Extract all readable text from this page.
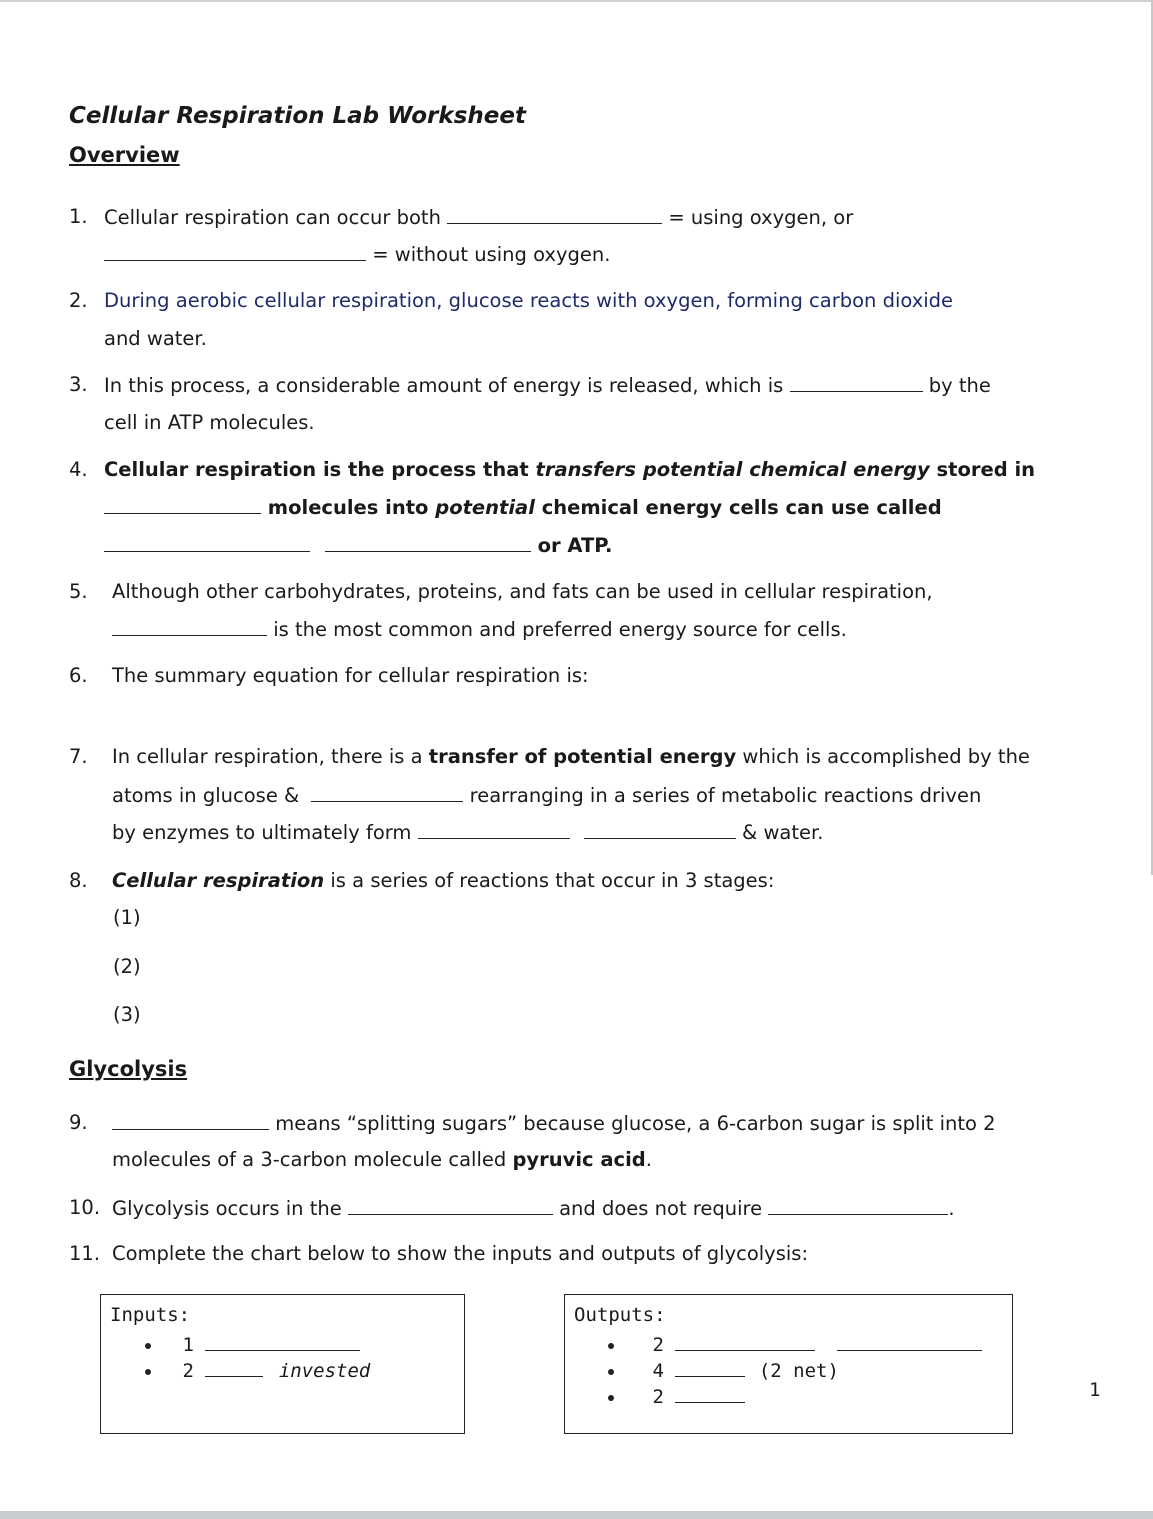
Cellular Respiration Lab Worksheet
Overview
1. Cellular respiration can occur both	= using oxygen, or
= without using oxygen.
2. During aerobic cellular respiration, glucose reacts with oxygen, forming carbon dioxide
and water.
3. In this process, a considerable amount of energy is released, which is	by the
cell in ATP molecules.
4. Cellular respiration is the process that transfers potential chemical energy stored in
molecules into potential chemical energy cells can use called
or ATP.
5. Although other carbohydrates, proteins, and fats can be used in cellular respiration,
is the most common and preferred energy source for cells.
6. The summary equation for cellular respiration is:
7. In cellular respiration, there is a transfer of potential energy which is accomplished by the
atoms in glucose &	rearranging in a series of metabolic reactions driven
by enzymes to ultimately form	& water.
8. Cellular respiration is a series of reactions that occur in 3 stages:
(1)
(2)
(3)
Glycolysis
9.	means “splitting sugars” because glucose, a 6-carbon sugar is split into 2
molecules of a 3-carbon molecule called pyruvic acid.
10. Glycolysis occurs in the	and does not require	.
11. Complete the chart below to show the inputs and outputs of glycolysis:
Inputs:
1
2	invested
Outputs:
2
4	(2 net)
2	1
